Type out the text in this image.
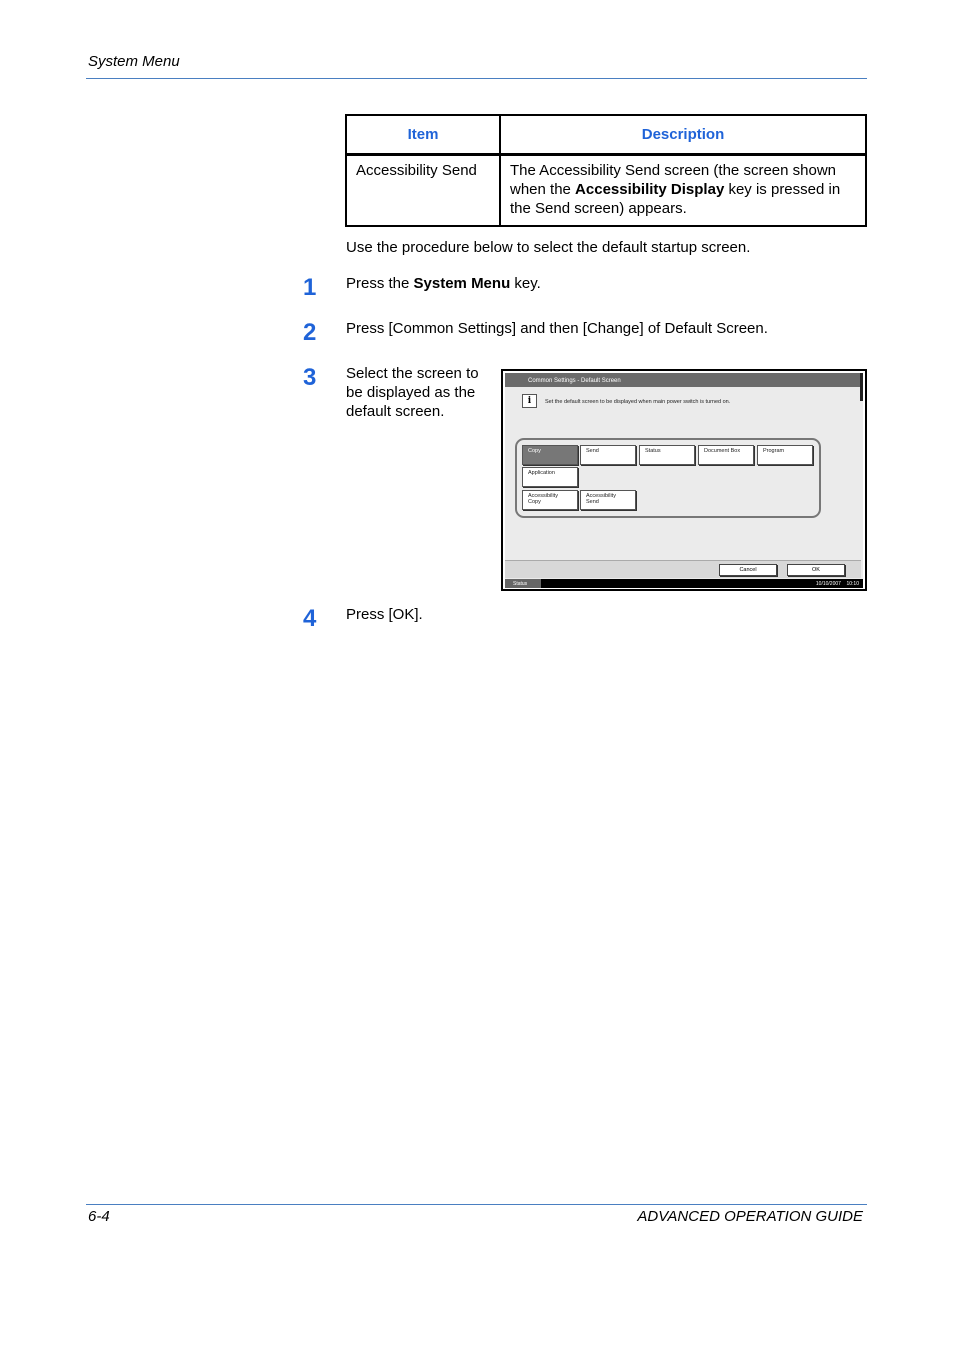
System Menu
Item	Description
Accessibility Send	The Accessibility Send screen (the screen shown when the Accessibility Display key is pressed in the Send screen) appears.
Use the procedure below to select the default startup screen.
1 Press the System Menu key.
2 Press [Common Settings] and then [Change] of Default Screen.
3 Select the screen to be displayed as the default screen.
4 Press [OK].
Common Settings - Default Screen
i	Set the default screen to be displayed when main power switch is turned on.
Copy	Send	Status	Document Box	Program
Application
Accessibility
Copy
Accessibility
Send
Cancel	OK
Status	10/10/2007 10:10
6-4	ADVANCED OPERATION GUIDE
